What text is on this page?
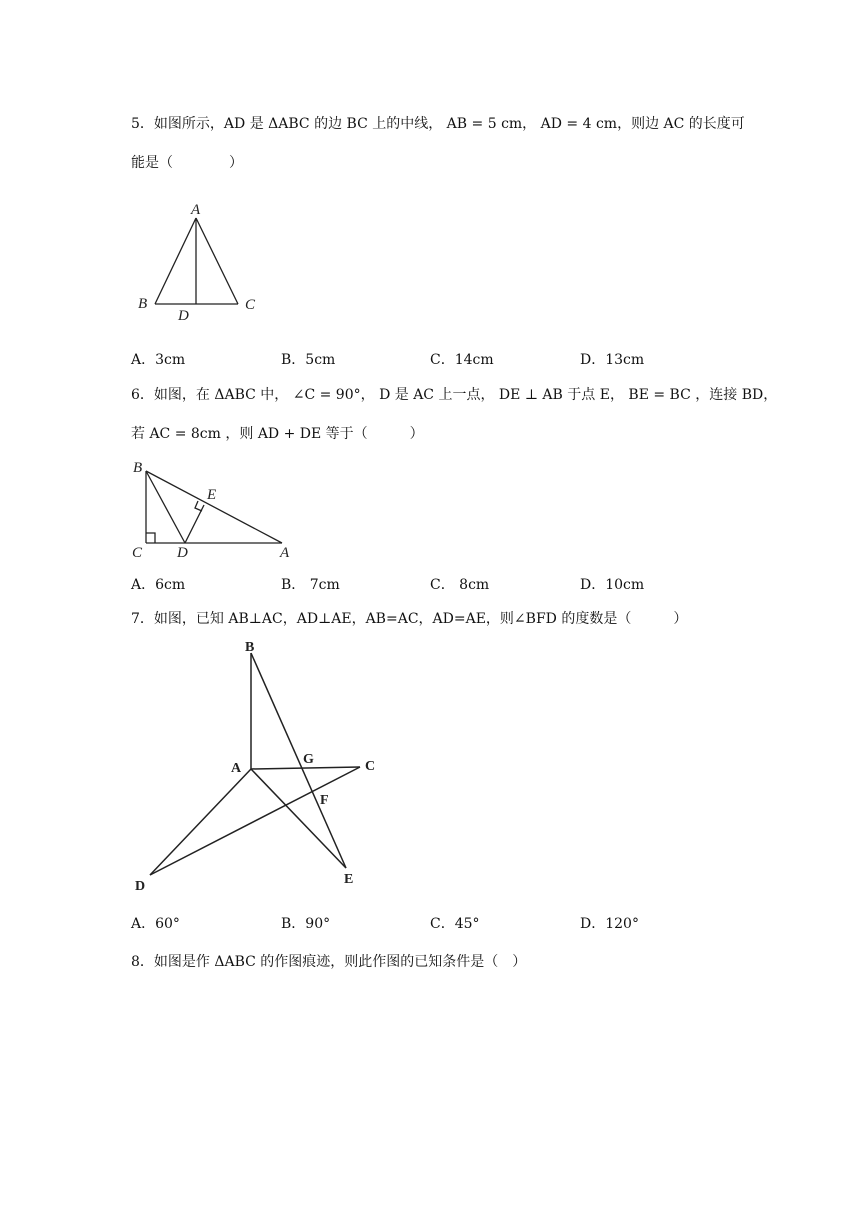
5．如图所示，AD 是 ΔABC 的边 BC 上的中线， AB = 5 cm， AD = 4 cm，则边 AC 的长度可
能是（　　　　）
A
B	C
D
A．3cm	B．5cm	C．14cm	D．13cm
6．如图，在 ΔABC 中， ∠C = 90°， D 是 AC 上一点， DE ⊥ AB 于点 E， BE = BC ，连接 BD，
若 AC = 8cm ，则 AD + DE 等于（　　　）
B
C D	A
E
A．6cm	B． 7cm	C． 8cm	D．10cm
7．如图，已知 AB⊥AC，AD⊥AE，AB=AC，AD=AE，则∠BFD 的度数是（　　　）
B
A
G	C
F
D	E
A．60°	B．90°	C．45°	D．120°
8．如图是作 ΔABC 的作图痕迹，则此作图的已知条件是（　）
